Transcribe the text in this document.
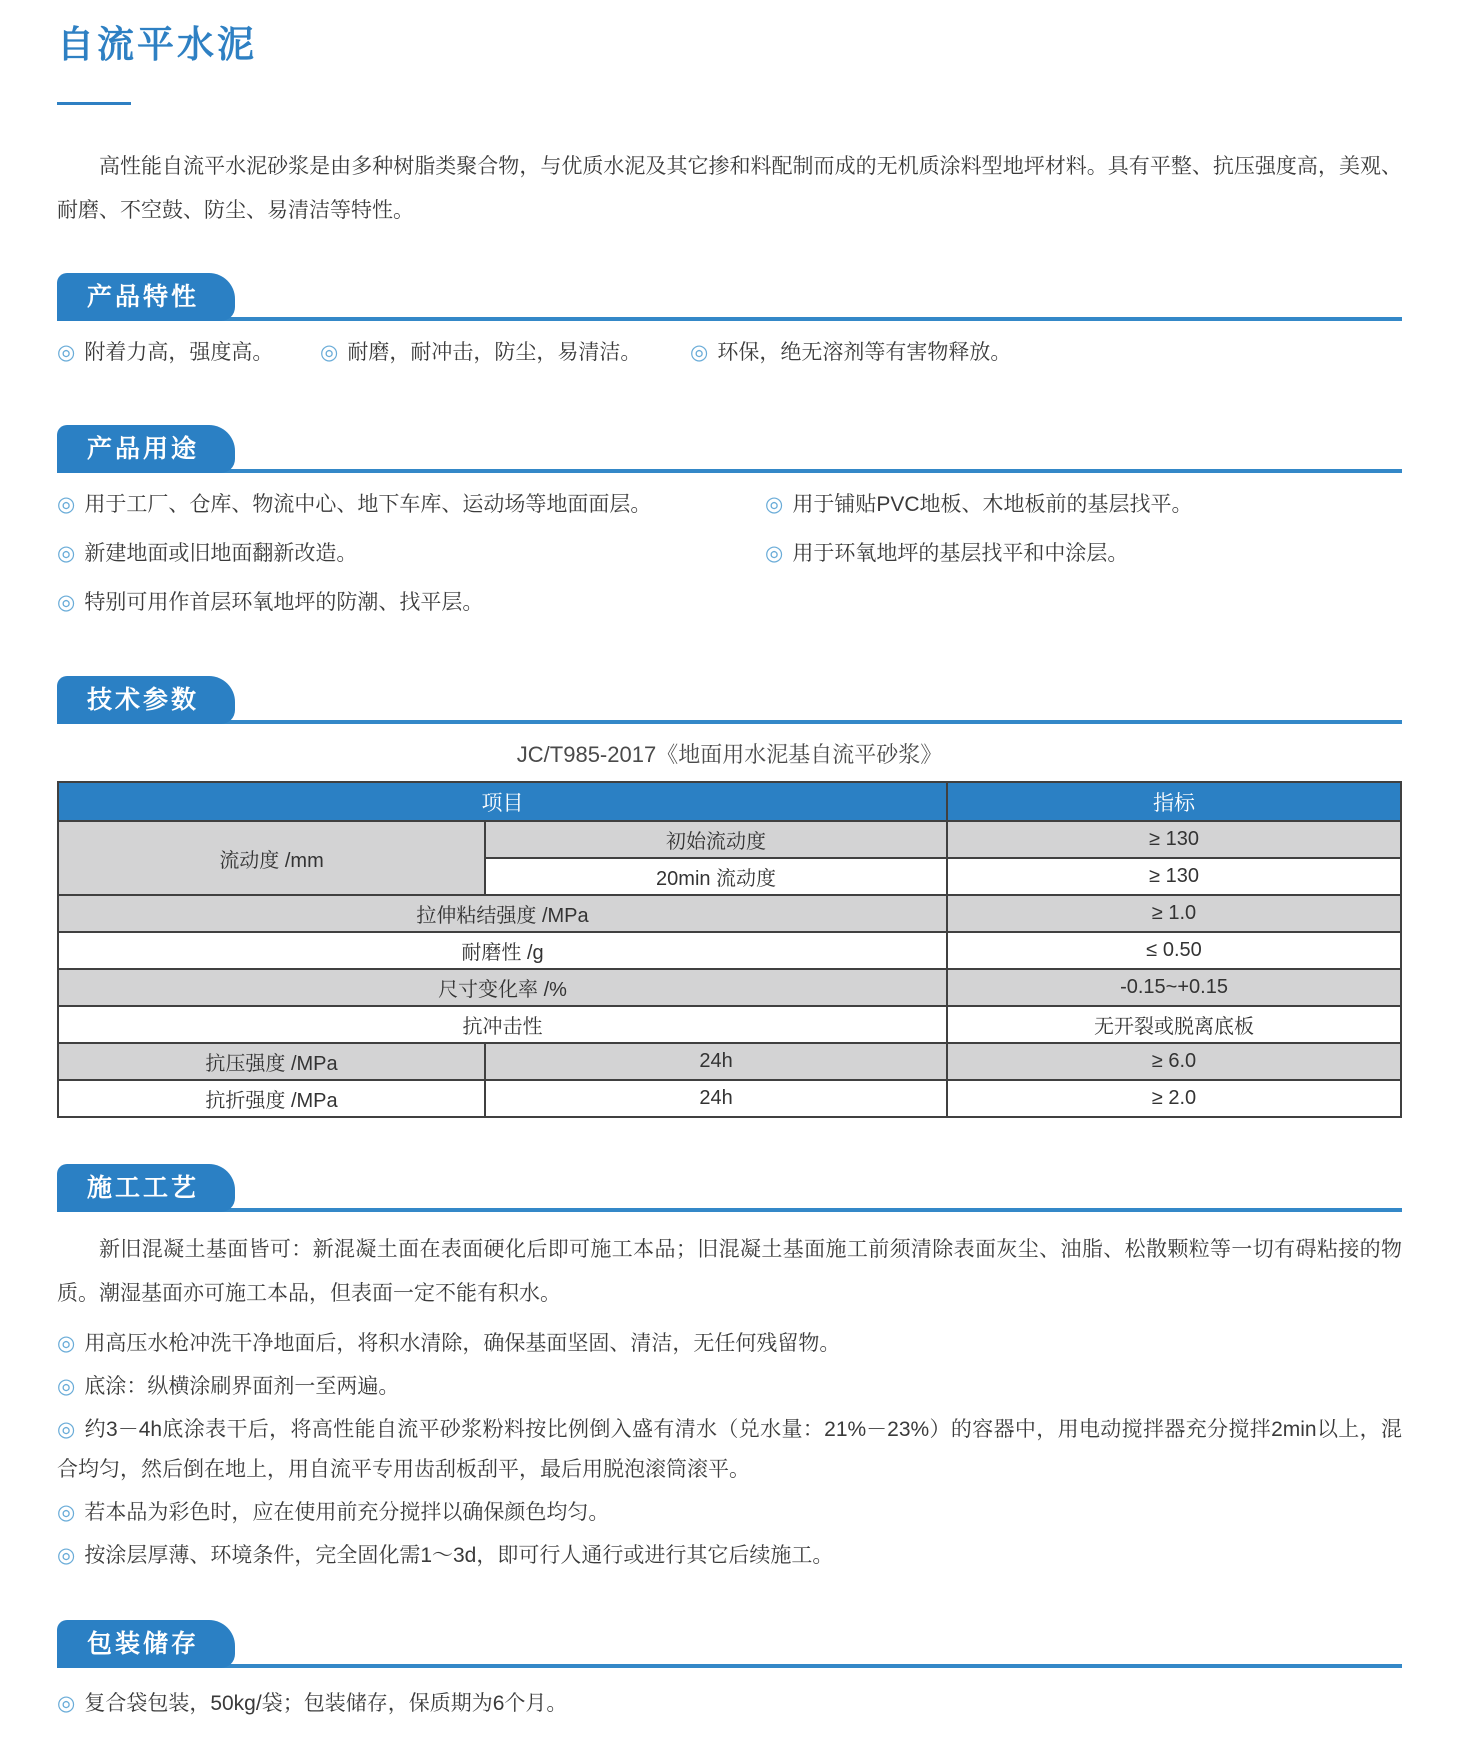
自流平水泥

高性能自流平水泥砂浆是由多种树脂类聚合物，与优质水泥及其它掺和料配制而成的无机质涂料型地坪材料。具有平整、抗压强度高，美观、耐磨、不空鼓、防尘、易清洁等特性。

产品特性
◎ 附着力高，强度高。	◎ 耐磨，耐冲击，防尘，易清洁。	◎ 环保，绝无溶剂等有害物释放。
产品用途
◎ 用于工厂、仓库、物流中心、地下车库、运动场等地面面层。
◎ 新建地面或旧地面翻新改造。
◎ 特别可用作首层环氧地坪的防潮、找平层。
◎ 用于铺贴PVC地板、木地板前的基层找平。
◎ 用于环氧地坪的基层找平和中涂层。
技术参数
JC/T985-2017《地面用水泥基自流平砂浆》
项目		指标
流动度 /mm	初始流动度	≥ 130
	20min 流动度	≥ 130
拉伸粘结强度 /MPa		≥ 1.0
耐磨性 /g		≤ 0.50
尺寸变化率 /%		-0.15~+0.15
抗冲击性		无开裂或脱离底板
抗压强度 /MPa	24h	≥ 6.0
抗折强度 /MPa	24h	≥ 2.0
施工工艺

新旧混凝土基面皆可：新混凝土面在表面硬化后即可施工本品；旧混凝土基面施工前须清除表面灰尘、油脂、松散颗粒等一切有碍粘接的物质。潮湿基面亦可施工本品，但表面一定不能有积水。

◎ 用高压水枪冲洗干净地面后，将积水清除，确保基面坚固、清洁，无任何残留物。
◎ 底涂：纵横涂刷界面剂一至两遍。
◎ 约3－4h底涂表干后，将高性能自流平砂浆粉料按比例倒入盛有清水（兑水量：21%－23%）的容器中，用电动搅拌器充分搅拌2min以上，混合均匀，然后倒在地上，用自流平专用齿刮板刮平，最后用脱泡滚筒滚平。
◎ 若本品为彩色时，应在使用前充分搅拌以确保颜色均匀。
◎ 按涂层厚薄、环境条件，完全固化需1～3d，即可行人通行或进行其它后续施工。
包装储存
◎ 复合袋包装，50kg/袋；包装储存，保质期为6个月。
